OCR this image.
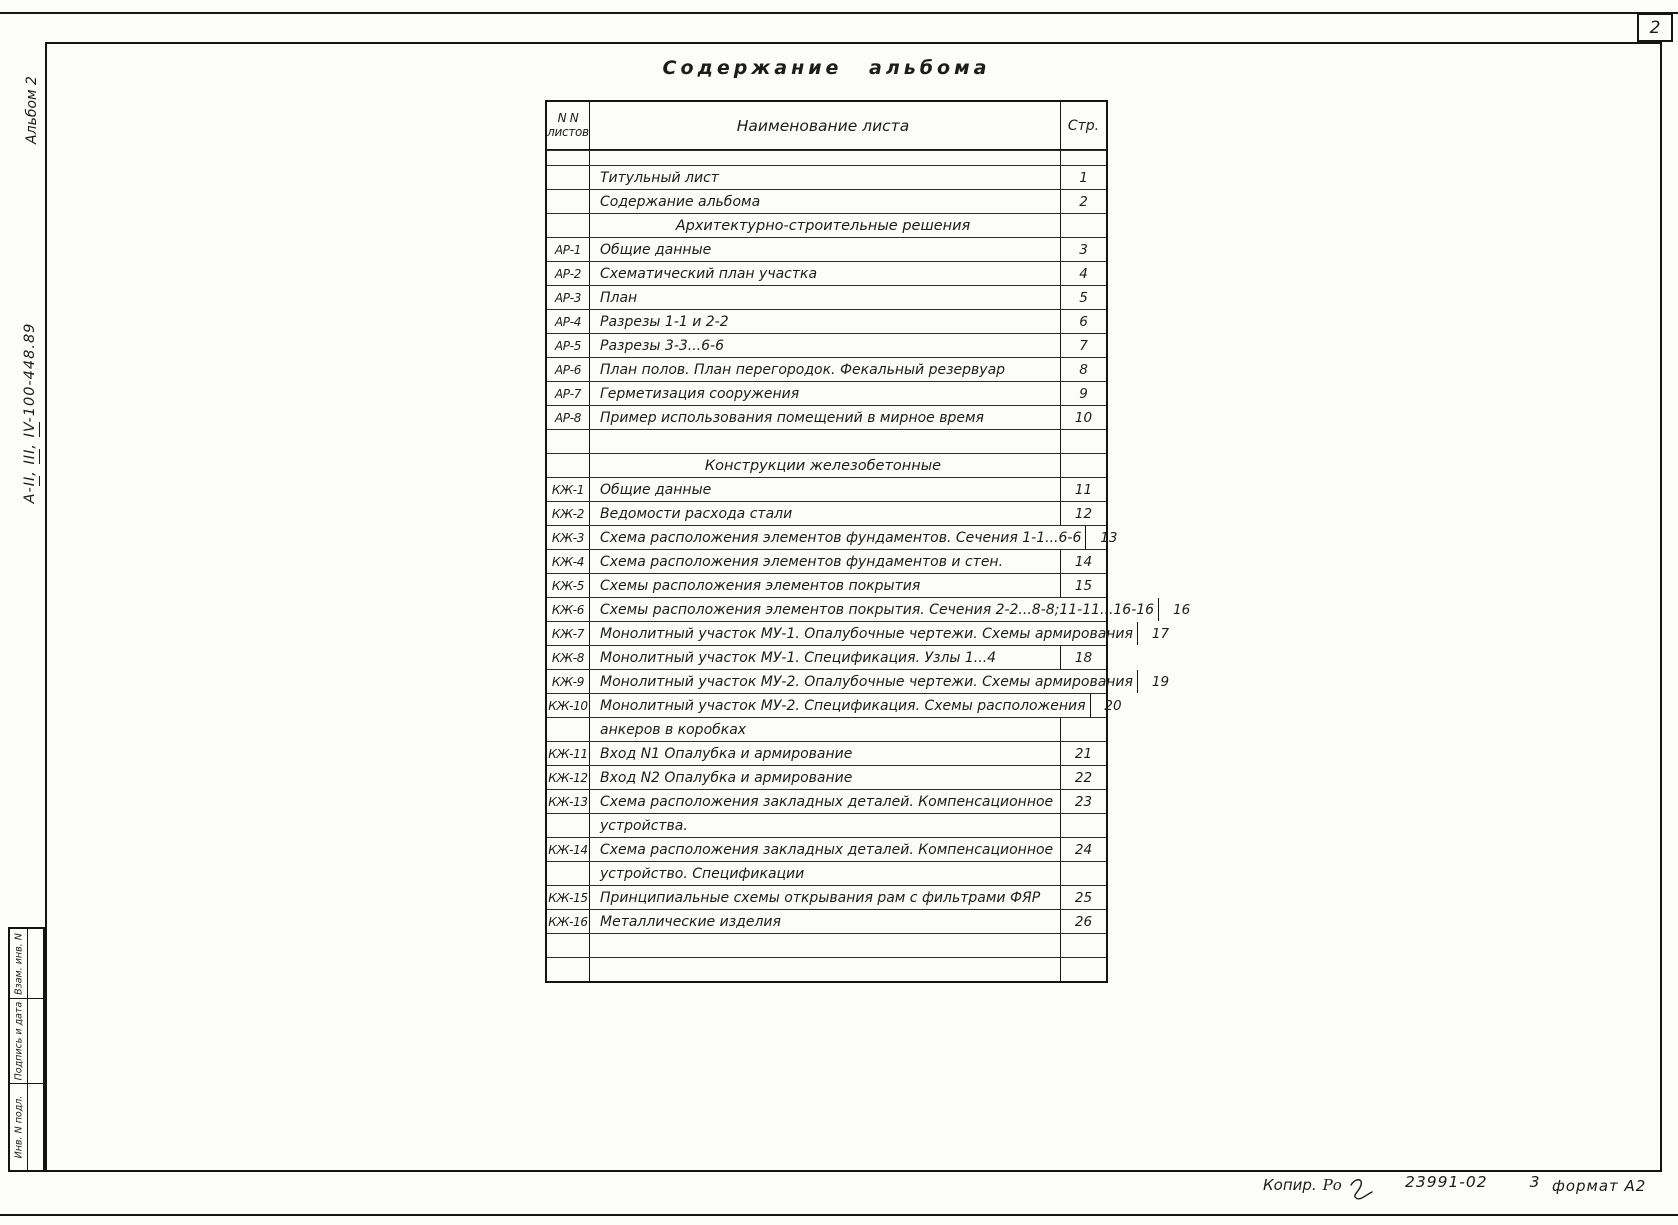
2
Альбом 2
А-II, III, IV-100-448.89
Взам. инв. N
Подпись и дата
Инв. N подл.
Содержание альбома
N N
листов	Наименование листа	Стр.
Титульный лист	1
Содержание альбома	2
Архитектурно-строительные решения
АР-1	Общие данные	3
АР-2	Схематический план участка	4
АР-3	План	5
АР-4	Разрезы 1-1 и 2-2	6
АР-5	Разрезы 3-3...6-6	7
АР-6	План полов. План перегородок. Фекальный резервуар	8
АР-7	Герметизация сооружения	9
АР-8	Пример использования помещений в мирное время	10
Конструкции железобетонные
КЖ-1	Общие данные	11
КЖ-2	Ведомости расхода стали	12
КЖ-3	Схема расположения элементов фундаментов. Сечения 1-1...6-6	13
КЖ-4	Схема расположения элементов фундаментов и стен.	14
КЖ-5	Схемы расположения элементов покрытия	15
КЖ-6	Схемы расположения элементов покрытия. Сечения 2-2...8-8;11-11...16-16	16
КЖ-7	Монолитный участок МУ-1. Опалубочные чертежи. Схемы армирования	17
КЖ-8	Монолитный участок МУ-1. Спецификация. Узлы 1...4	18
КЖ-9	Монолитный участок МУ-2. Опалубочные чертежи. Схемы армирования	19
КЖ-10 Монолитный участок МУ-2. Спецификация. Схемы расположения	20
анкеров в коробках
КЖ-11 Вход N1 Опалубка и армирование	21
КЖ-12 Вход N2 Опалубка и армирование	22
КЖ-13 Схема расположения закладных деталей. Компенсационное	23
устройства.
КЖ-14 Схема расположения закладных деталей. Компенсационное	24
устройство. Спецификации
КЖ-15 Принципиальные схемы открывания рам с фильтрами ФЯР	25
КЖ-16 Металлические изделия	26
Копир. Ро	23991-02	3 формат А2
